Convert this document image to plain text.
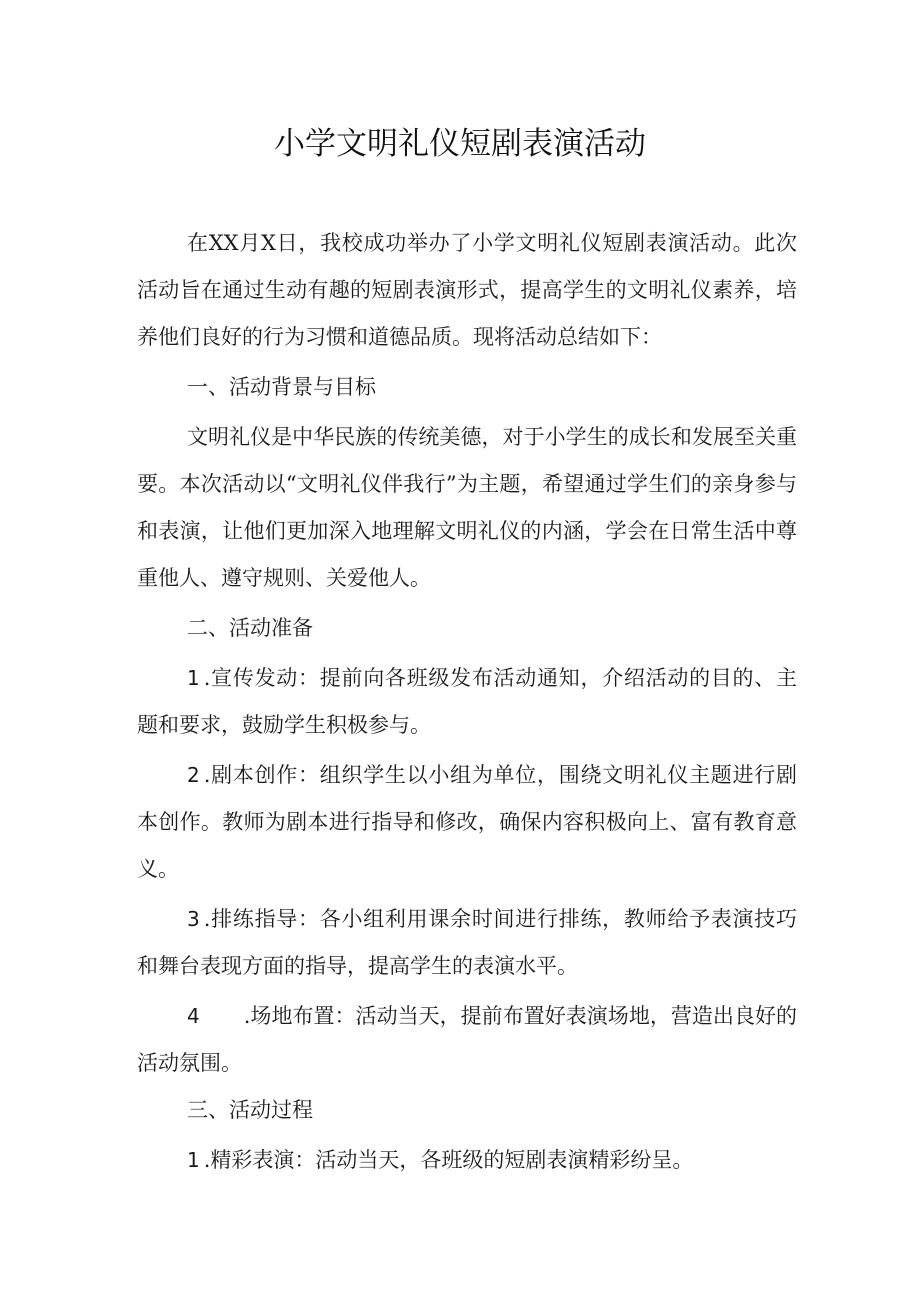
小学文明礼仪短剧表演活动

在XX月X日，我校成功举办了小学文明礼仪短剧表演活动。此次活动旨在通过生动有趣的短剧表演形式，提高学生的文明礼仪素养，培养他们良好的行为习惯和道德品质。现将活动总结如下：

一、活动背景与目标

文明礼仪是中华民族的传统美德，对于小学生的成长和发展至关重要。本次活动以“文明礼仪伴我行”为主题，希望通过学生们的亲身参与和表演，让他们更加深入地理解文明礼仪的内涵，学会在日常生活中尊重他人、遵守规则、关爱他人。

二、活动准备

1 .宣传发动：提前向各班级发布活动通知，介绍活动的目的、主题和要求，鼓励学生积极参与。

2 .剧本创作：组织学生以小组为单位，围绕文明礼仪主题进行剧本创作。教师为剧本进行指导和修改，确保内容积极向上、富有教育意义。

3 .排练指导：各小组利用课余时间进行排练，教师给予表演技巧和舞台表现方面的指导，提高学生的表演水平。

4 .场地布置：活动当天，提前布置好表演场地，营造出良好的活动氛围。

三、活动过程

1 .精彩表演：活动当天，各班级的短剧表演精彩纷呈。
